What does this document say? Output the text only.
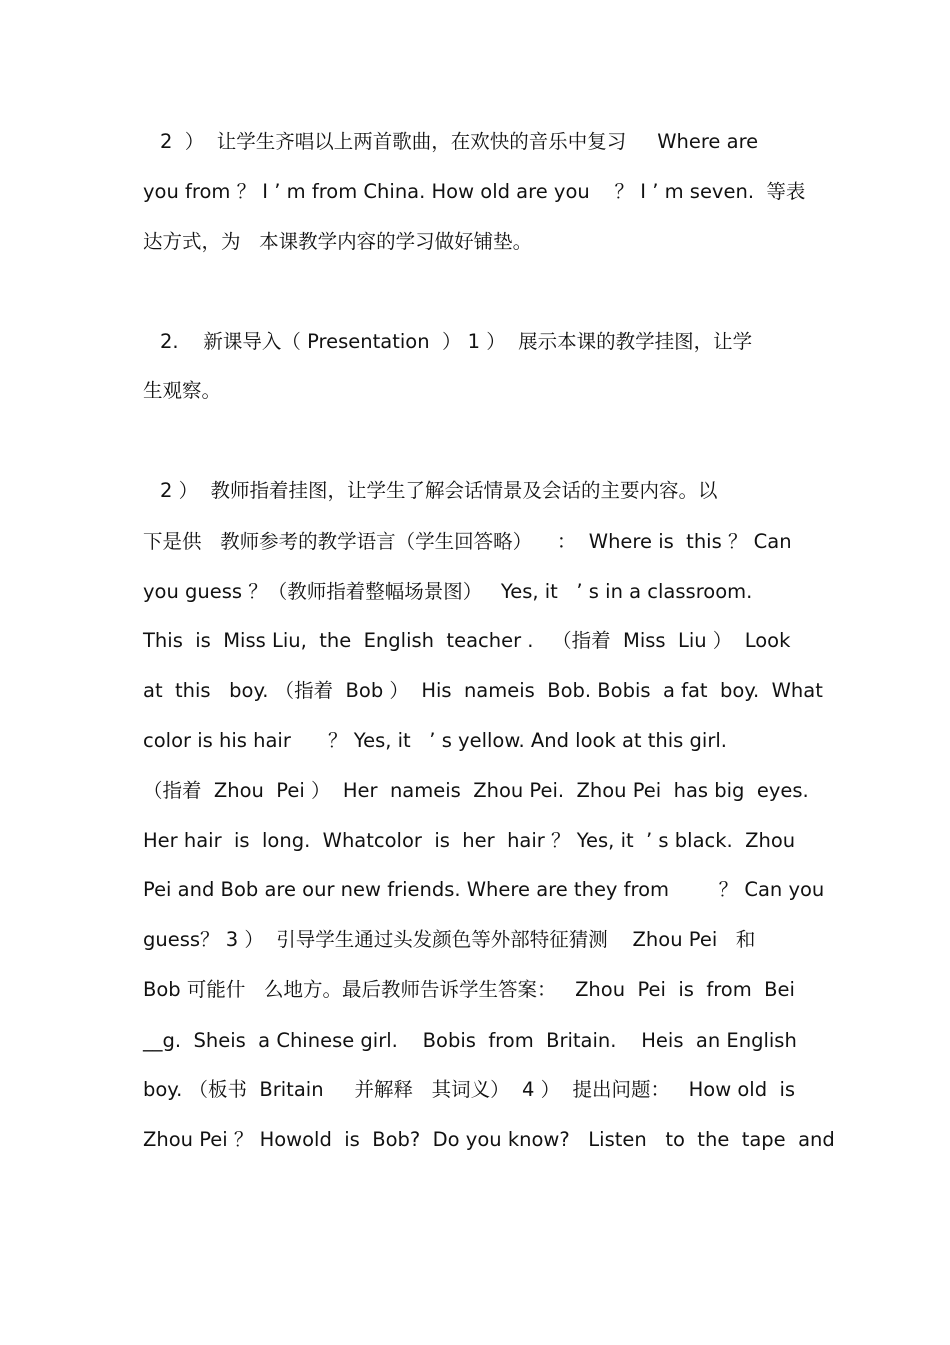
2  ）  让学生齐唱以上两首歌曲，在欢快的音乐中复习     Where are
you from ？ I ’ m from China. How old are you    ？ I ’ m seven.  等表
达方式，为   本课教学内容的学习做好铺垫。
2.    新课导入（ Presentation  ） 1 ）  展示本课的教学挂图，让学
生观察。
2 ）  教师指着挂图，让学生了解会话情景及会话的主要内容。以
下是供   教师参考的教学语言（学生回答略）    ：  Where is  this ？ Can
you guess ？（教师指着整幅场景图）   Yes, it   ’ s in a classroom.
This  is  Miss Liu,  the  English  teacher .   （指着  Miss  Liu ）  Look
at  this   boy. （指着  Bob ）  His  nameis  Bob. Bobis  a fat  boy.  What
color is his hair      ？ Yes, it   ’ s yellow. And look at this girl.
（指着  Zhou  Pei ）  Her  nameis  Zhou Pei.  Zhou Pei  has big  eyes.
Her hair  is  long.  Whatcolor  is  her  hair ？ Yes, it  ’ s black.  Zhou
Pei and Bob are our new friends. Where are they from        ？ Can you
guess？ 3 ）  引导学生通过头发颜色等外部特征猜测    Zhou Pei   和
Bob 可能什   么地方。最后教师告诉学生答案：   Zhou  Pei  is  from  Bei
__g.  Sheis  a Chinese girl.    Bobis  from  Britain.    Heis  an English
boy. （板书  Britain     并解释   其词义）  4 ）  提出问题：   How old  is
Zhou Pei ？ Howold  is  Bob?  Do you know?   Listen   to  the  tape  and
